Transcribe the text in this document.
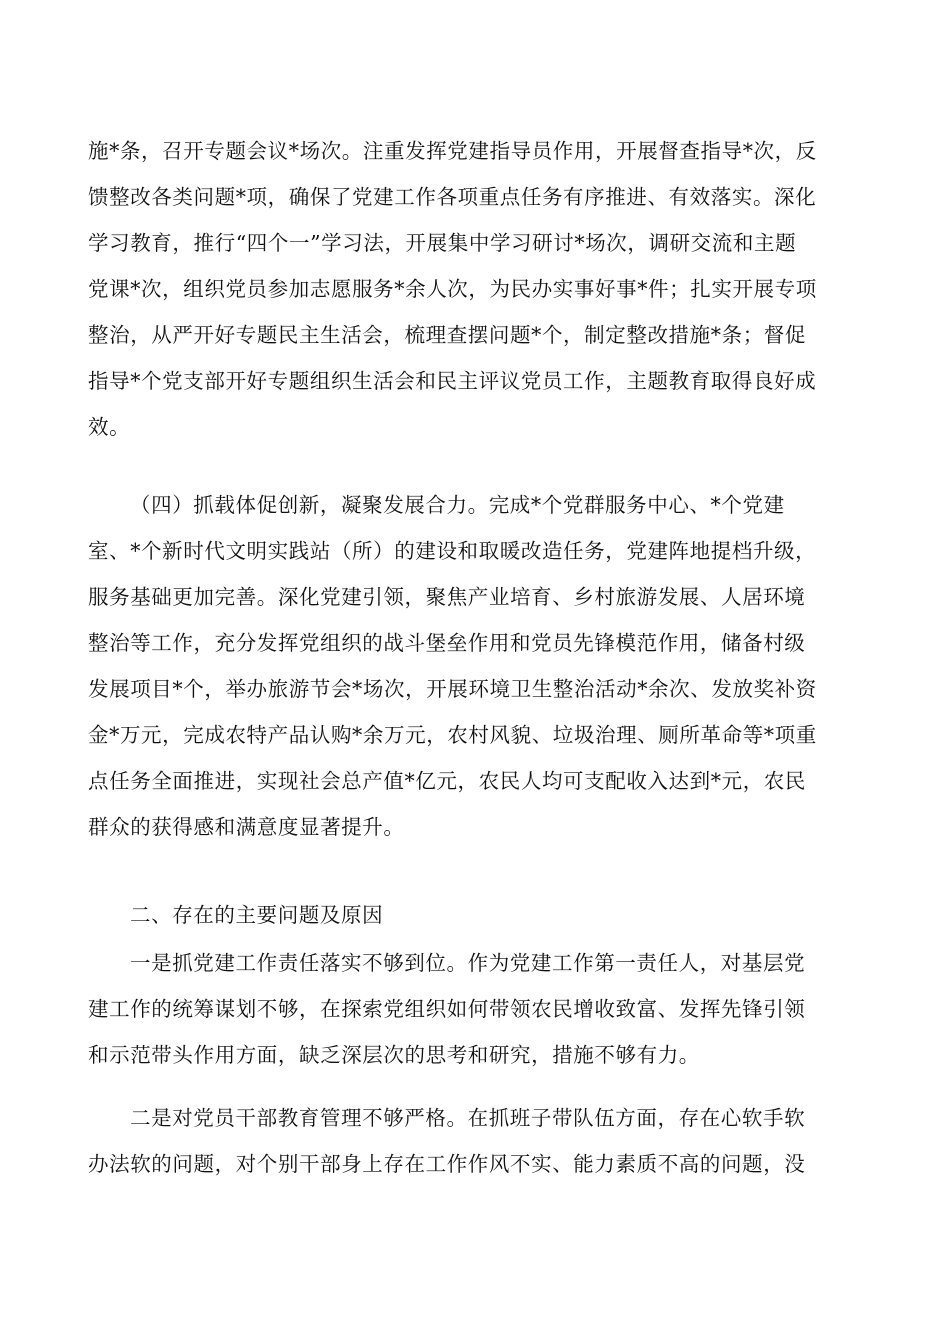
施*条，召开专题会议*场次。注重发挥党建指导员作用，开展督查指导*次，反
馈整改各类问题*项，确保了党建工作各项重点任务有序推进、有效落实。深化
学习教育，推行“四个一”学习法，开展集中学习研讨*场次，调研交流和主题
党课*次，组织党员参加志愿服务*余人次，为民办实事好事*件；扎实开展专项
整治，从严开好专题民主生活会，梳理查摆问题*个，制定整改措施*条；督促
指导*个党支部开好专题组织生活会和民主评议党员工作，主题教育取得良好成
效。
（四）抓载体促创新，凝聚发展合力。完成*个党群服务中心、*个党建
室、*个新时代文明实践站（所）的建设和取暖改造任务，党建阵地提档升级，
服务基础更加完善。深化党建引领，聚焦产业培育、乡村旅游发展、人居环境
整治等工作，充分发挥党组织的战斗堡垒作用和党员先锋模范作用，储备村级
发展项目*个，举办旅游节会*场次，开展环境卫生整治活动*余次、发放奖补资
金*万元，完成农特产品认购*余万元，农村风貌、垃圾治理、厕所革命等*项重
点任务全面推进，实现社会总产值*亿元，农民人均可支配收入达到*元，农民
群众的获得感和满意度显著提升。
二、存在的主要问题及原因
一是抓党建工作责任落实不够到位。作为党建工作第一责任人，对基层党
建工作的统筹谋划不够，在探索党组织如何带领农民增收致富、发挥先锋引领
和示范带头作用方面，缺乏深层次的思考和研究，措施不够有力。
二是对党员干部教育管理不够严格。在抓班子带队伍方面，存在心软手软
办法软的问题，对个别干部身上存在工作作风不实、能力素质不高的问题，没
